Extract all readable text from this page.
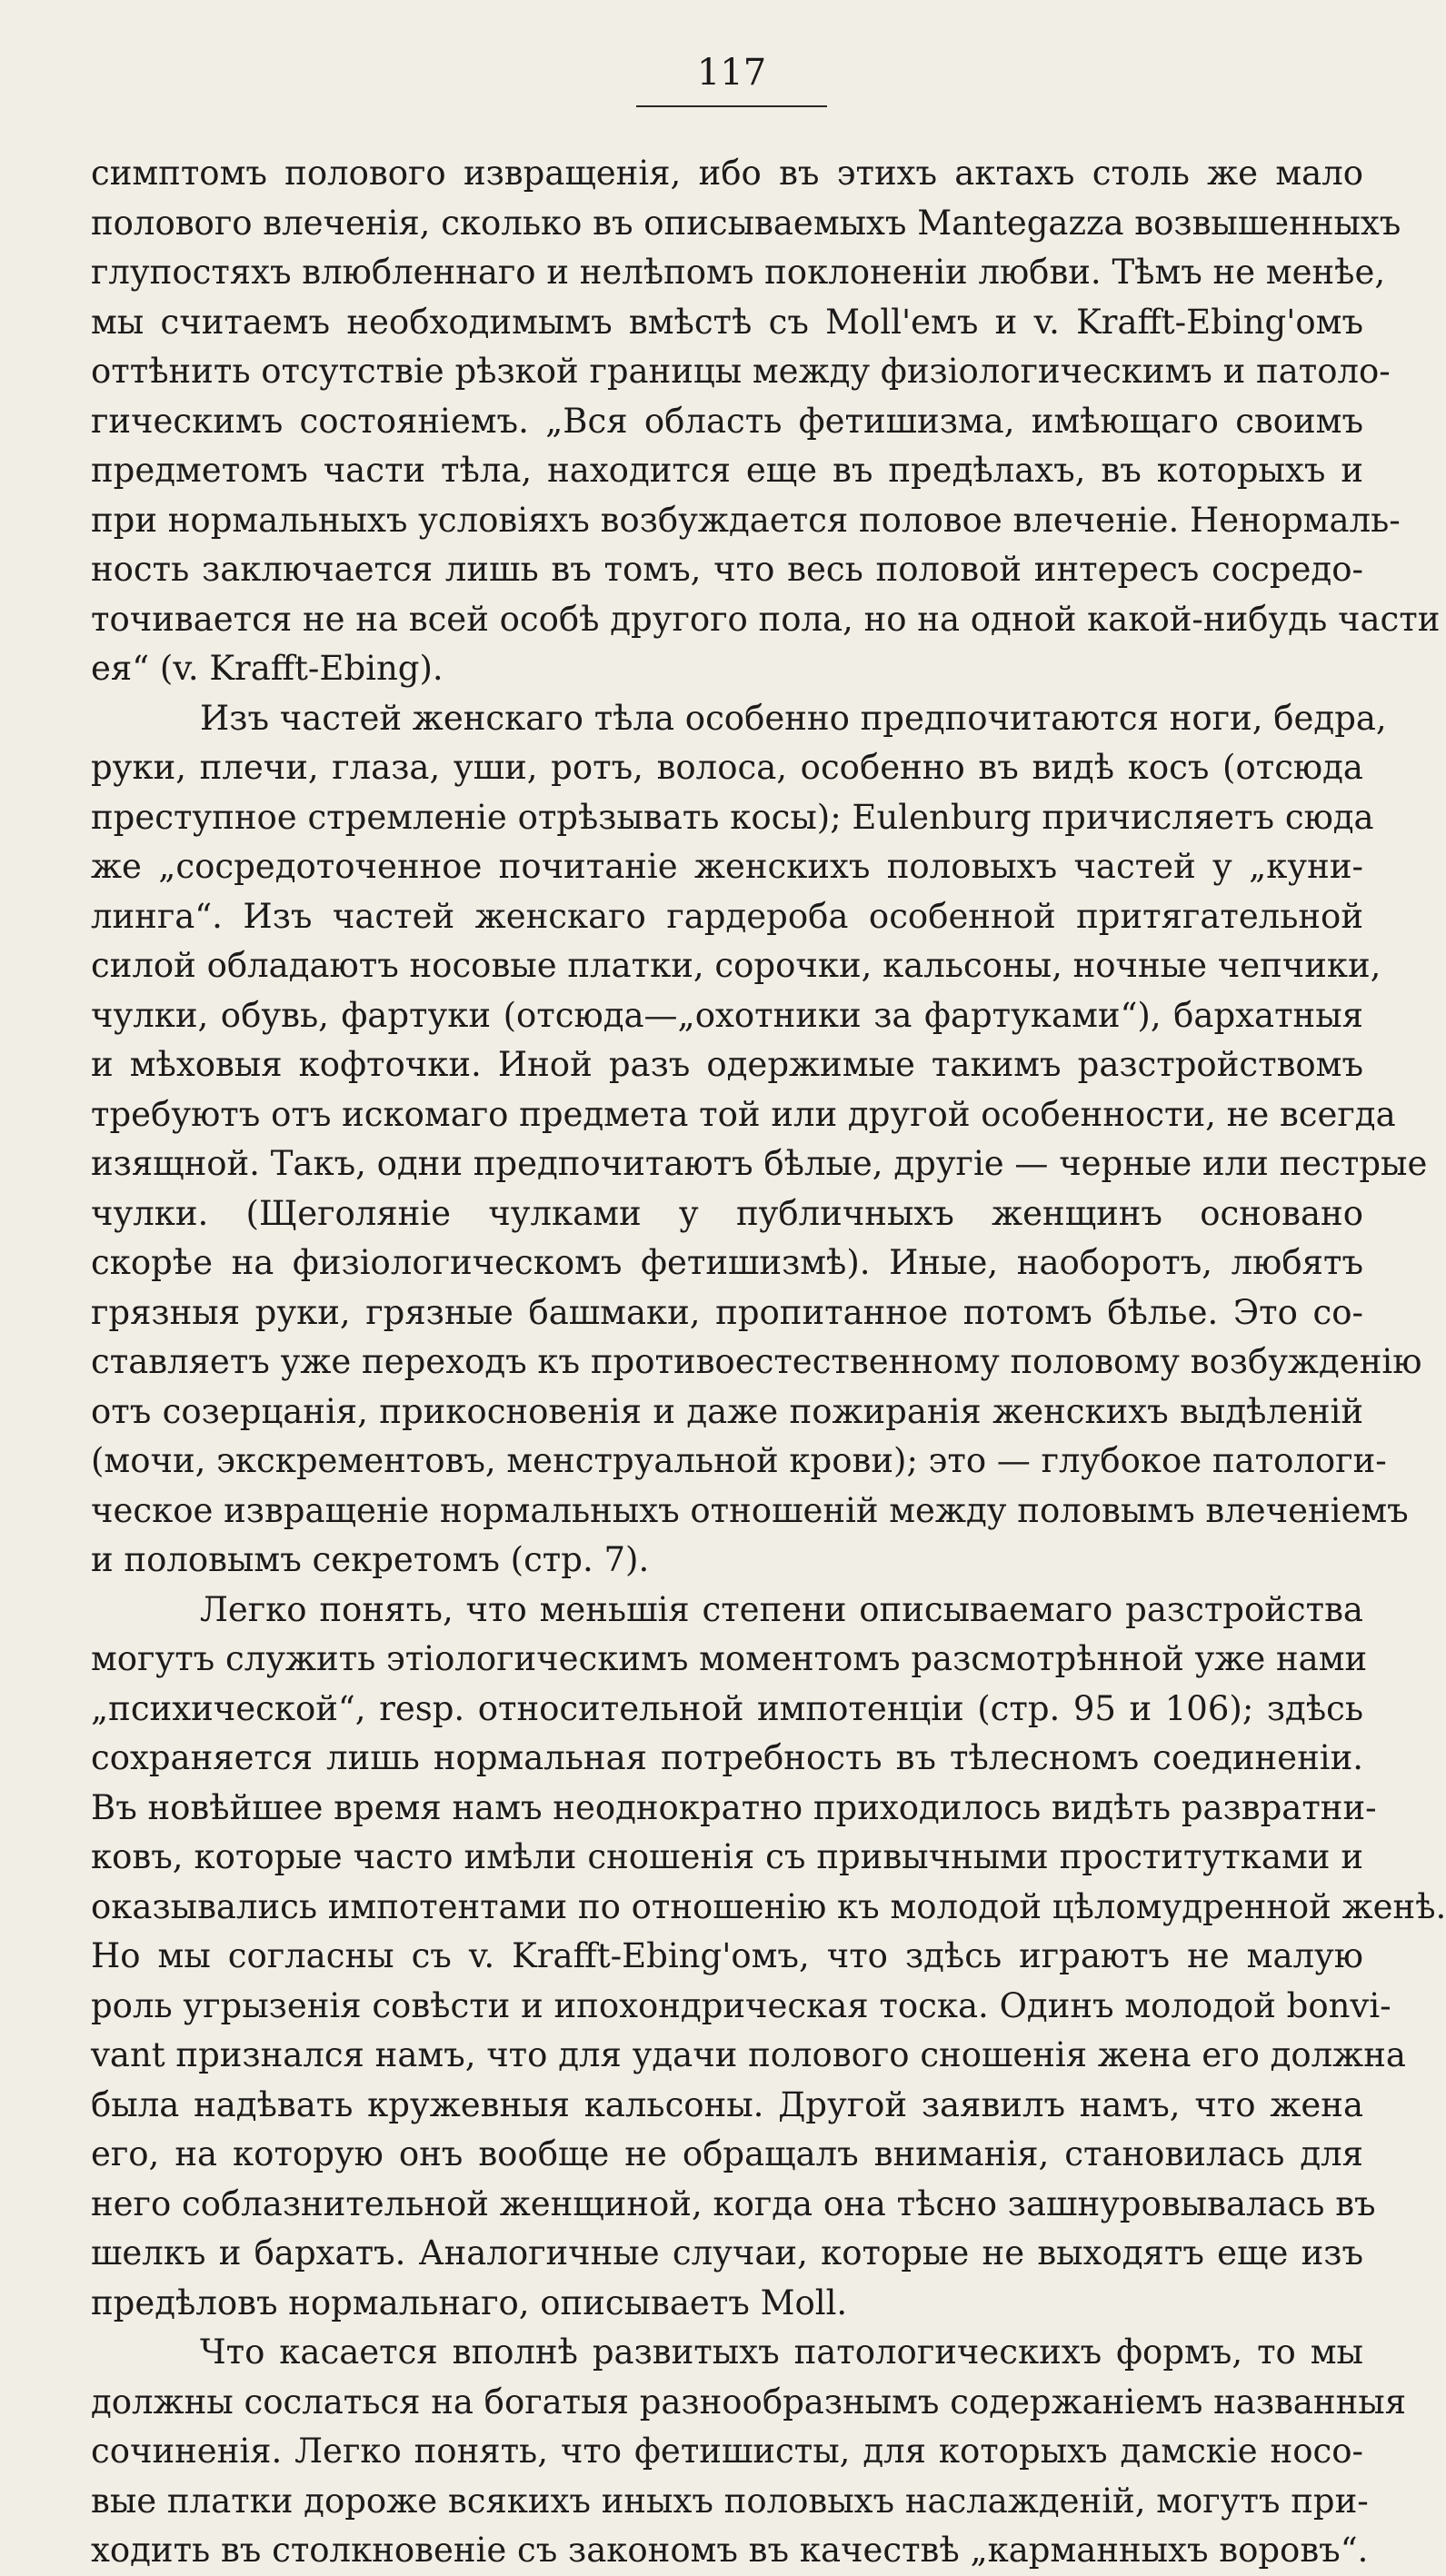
117
симптомъ полового извращенія, ибо въ этихъ актахъ столь же мало
полового влеченія, сколько въ описываемыхъ Mantegazza возвышенныхъ
глупостяхъ влюбленнаго и нелѣпомъ поклоненіи любви. Тѣмъ не менѣе,
мы считаемъ необходимымъ вмѣстѣ съ Moll'емъ и v. Krafft-Ebing'омъ
оттѣнить отсутствіе рѣзкой границы между физіологическимъ и патоло-
гическимъ состояніемъ. „Вся область фетишизма, имѣющаго своимъ
предметомъ части тѣла, находится еще въ предѣлахъ, въ которыхъ и
при нормальныхъ условіяхъ возбуждается половое влеченіе. Ненормаль-
ность заключается лишь въ томъ, что весь половой интересъ сосредо-
точивается не на всей особѣ другого пола, но на одной какой-нибудь части
ея“ (v. Krafft-Ebing).
Изъ частей женскаго тѣла особенно предпочитаются ноги, бедра,
руки, плечи, глаза, уши, ротъ, волоса, особенно въ видѣ косъ (отсюда
преступное стремленіе отрѣзывать косы); Eulenburg причисляетъ сюда
же „сосредоточенное почитаніе женскихъ половыхъ частей у „куни-
линга“. Изъ частей женскаго гардероба особенной притягательной
силой обладаютъ носовые платки, сорочки, кальсоны, ночные чепчики,
чулки, обувь, фартуки (отсюда—„охотники за фартуками“), бархатныя
и мѣховыя кофточки. Иной разъ одержимые такимъ разстройствомъ
требуютъ отъ искомаго предмета той или другой особенности, не всегда
изящной. Такъ, одни предпочитаютъ бѣлые, другіе — черные или пестрые
чулки. (Щеголяніе чулками у публичныхъ женщинъ основано
скорѣе на физіологическомъ фетишизмѣ). Иные, наоборотъ, любятъ
грязныя руки, грязные башмаки, пропитанное потомъ бѣлье. Это со-
ставляетъ уже переходъ къ противоестественному половому возбужденію
отъ созерцанія, прикосновенія и даже пожиранія женскихъ выдѣленій
(мочи, экскрементовъ, менструальной крови); это — глубокое патологи-
ческое извращеніе нормальныхъ отношеній между половымъ влеченіемъ
и половымъ секретомъ (стр. 7).
Легко понять, что меньшія степени описываемаго разстройства
могутъ служить этіологическимъ моментомъ разсмотрѣнной уже нами
„психической“, resp. относительной импотенціи (стр. 95 и 106); здѣсь
сохраняется лишь нормальная потребность въ тѣлесномъ соединеніи.
Въ новѣйшее время намъ неоднократно приходилось видѣть развратни-
ковъ, которые часто имѣли сношенія съ привычными проститутками и
оказывались импотентами по отношенію къ молодой цѣломудренной женѣ.
Но мы согласны съ v. Krafft-Ebing'омъ, что здѣсь играютъ не малую
роль угрызенія совѣсти и ипохондрическая тоска. Одинъ молодой bonvi-
vant признался намъ, что для удачи полового сношенія жена его должна
была надѣвать кружевныя кальсоны. Другой заявилъ намъ, что жена
его, на которую онъ вообще не обращалъ вниманія, становилась для
него соблазнительной женщиной, когда она тѣсно зашнуровывалась въ
шелкъ и бархатъ. Аналогичные случаи, которые не выходятъ еще изъ
предѣловъ нормальнаго, описываетъ Moll.
Что касается вполнѣ развитыхъ патологическихъ формъ, то мы
должны сослаться на богатыя разнообразнымъ содержаніемъ названныя
сочиненія. Легко понять, что фетишисты, для которыхъ дамскіе носо-
вые платки дороже всякихъ иныхъ половыхъ наслажденій, могутъ при-
ходить въ столкновеніе съ закономъ въ качествѣ „карманныхъ воровъ“.
